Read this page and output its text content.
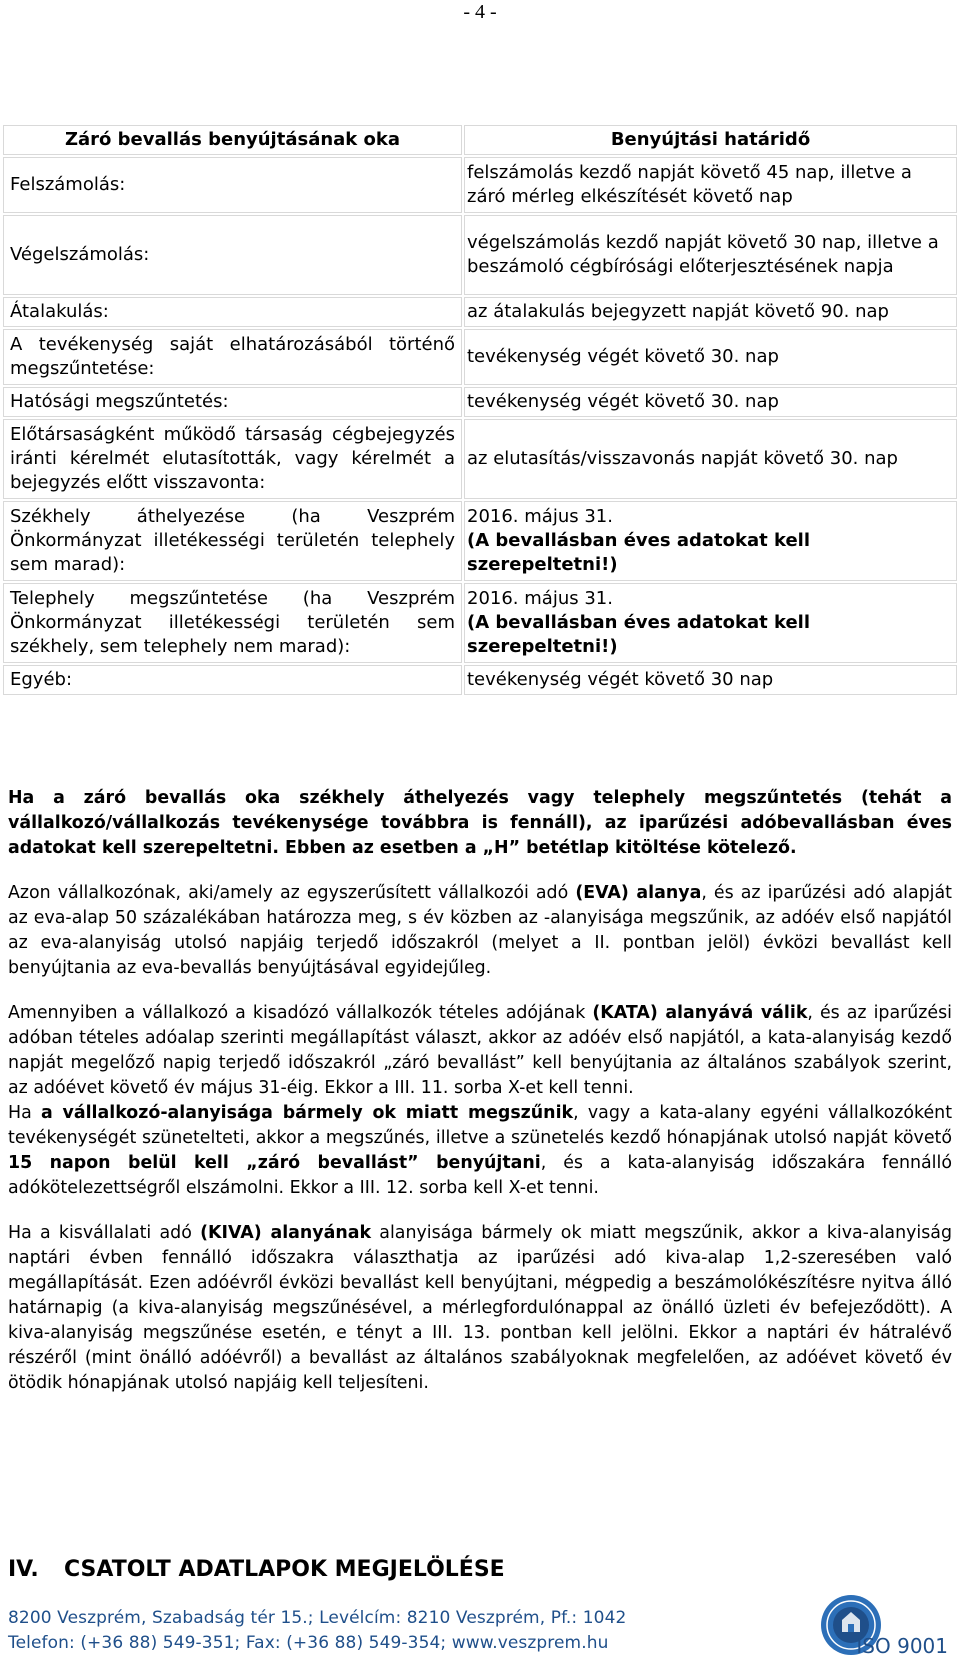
- 4 -
Záró bevallás benyújtásának oka	Benyújtási határidő
Felszámolás:	felszámolás kezdő napját követő 45 nap, illetve a záró mérleg elkészítését követő nap
Végelszámolás:	végelszámolás kezdő napját követő 30 nap, illetve a beszámoló cégbírósági előterjesztésének napja
Átalakulás:	az átalakulás bejegyzett napját követő 90. nap
A tevékenység saját elhatározásából történő megszűntetése:	tevékenység végét követő 30. nap
Hatósági megszűntetés:	tevékenység végét követő 30. nap
Előtársaságként működő társaság cégbejegyzés iránti kérelmét elutasították, vagy kérelmét a bejegyzés előtt visszavonta:	az elutasítás/visszavonás napját követő 30. nap
Székhely áthelyezése (ha Veszprém Önkormányzat illetékességi területén telephely sem marad):	2016. május 31.
(A bevallásban éves adatokat kell szerepeltetni!)

Telephely megszűntetése (ha Veszprém Önkormányzat illetékességi területén sem székhely, sem telephely nem marad):	2016. május 31.
(A bevallásban éves adatokat kell szerepeltetni!)

Egyéb:	tevékenység végét követő 30 nap

Ha a záró bevallás oka székhely áthelyezés vagy telephely megszűntetés (tehát a vállalkozó/vállalkozás tevékenysége továbbra is fennáll), az iparűzési adóbevallásban éves adatokat kell szerepeltetni. Ebben az esetben a „H” betétlap kitöltése kötelező.

Azon vállalkozónak, aki/amely az egyszerűsített vállalkozói adó (EVA) alanya, és az iparűzési adó alapját az eva-alap 50 százalékában határozza meg, s év közben az -alanyisága megszűnik, az adóév első napjától az eva-alanyiság utolsó napjáig terjedő időszakról (melyet a II. pontban jelöl) évközi bevallást kell benyújtania az eva-bevallás benyújtásával egyidejűleg.

Amennyiben a vállalkozó a kisadózó vállalkozók tételes adójának (KATA) alanyává válik, és az iparűzési adóban tételes adóalap szerinti megállapítást választ, akkor az adóév első napjától, a kata-alanyiság kezdő napját megelőző napig terjedő időszakról „záró bevallást” kell benyújtania az általános szabályok szerint, az adóévet követő év május 31-éig. Ekkor a III. 11. sorba X-et kell tenni.

Ha a vállalkozó-alanyisága bármely ok miatt megszűnik, vagy a kata-alany egyéni vállalkozóként tevékenységét szünetelteti, akkor a megszűnés, illetve a szünetelés kezdő hónapjának utolsó napját követő 15 napon belül kell „záró bevallást” benyújtani, és a kata-alanyiság időszakára fennálló adókötelezettségről elszámolni. Ekkor a III. 12. sorba kell X-et tenni.

Ha a kisvállalati adó (KIVA) alanyának alanyisága bármely ok miatt megszűnik, akkor a kiva-alanyiság naptári évben fennálló időszakra választhatja az iparűzési adó kiva-alap 1,2-szeresében való megállapítását. Ezen adóévről évközi bevallást kell benyújtani, mégpedig a beszámolókészítésre nyitva álló határnapig (a kiva-alanyiság megszűnésével, a mérlegfordulónappal az önálló üzleti év befejeződött). A kiva-alanyiság megszűnése esetén, e tényt a III. 13. pontban kell jelölni. Ekkor a naptári év hátralévő részéről (mint önálló adóévről) a bevallást az általános szabályoknak megfelelően, az adóévet követő év ötödik hónapjának utolsó napjáig kell teljesíteni.

IV. CSATOLT ADATLAPOK MEGJELÖLÉSE
8200 Veszprém, Szabadság tér 15.; Levélcím: 8210 Veszprém, Pf.: 1042
Telefon: (+36 88) 549-351; Fax: (+36 88) 549-354; www.veszprem.hu	ISO 9001
